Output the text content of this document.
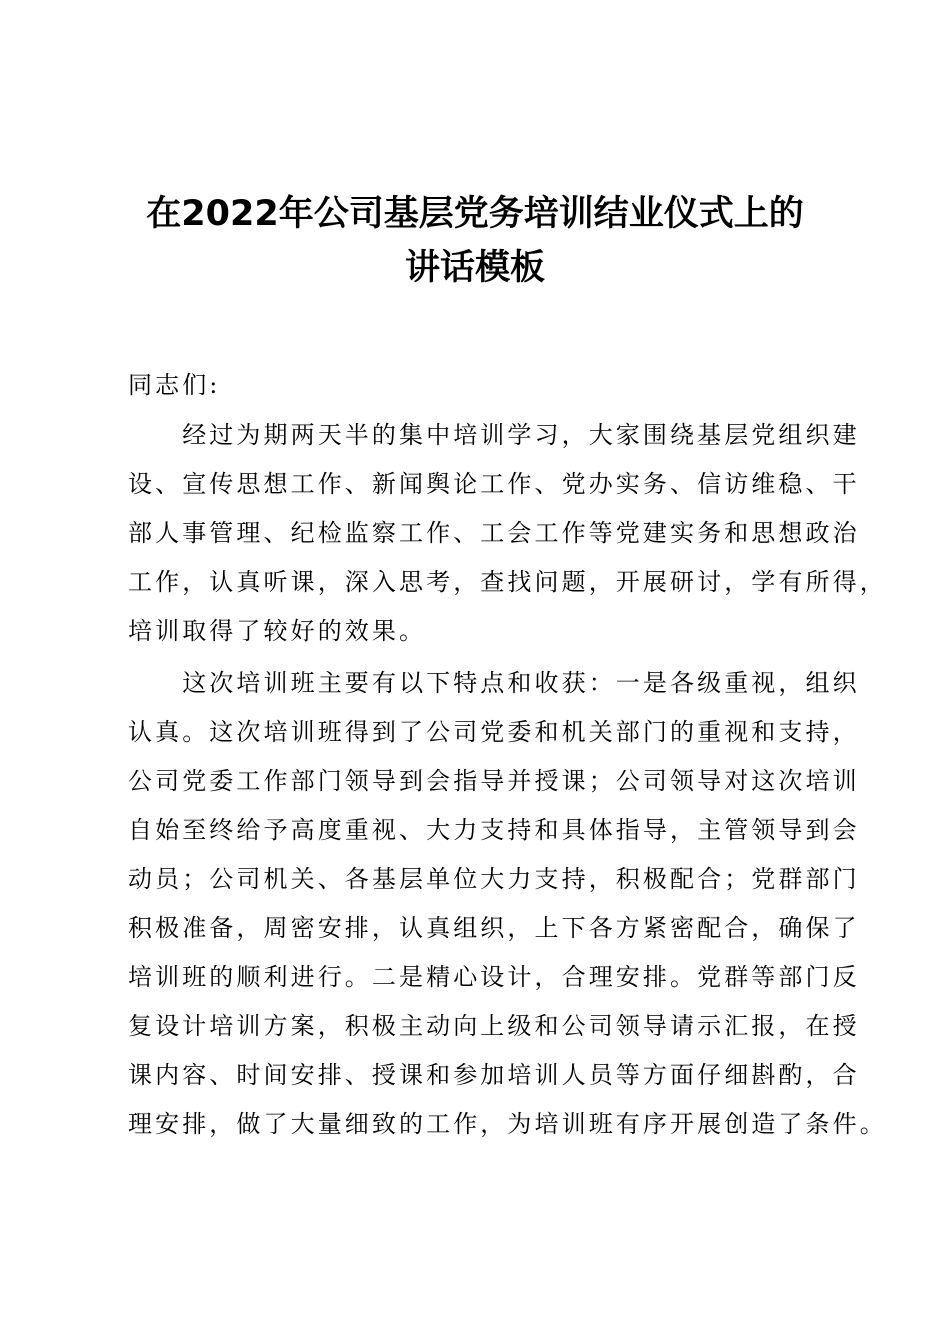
在2022年公司基层党务培训结业仪式上的
讲话模板

同志们:

　　经过为期两天半的集中培训学习，大家围绕基层党组织建

设、宣传思想工作、新闻舆论工作、党办实务、信访维稳、干

部人事管理、纪检监察工作、工会工作等党建实务和思想政治

工作，认真听课，深入思考，查找问题，开展研讨，学有所得，

培训取得了较好的效果。

　　这次培训班主要有以下特点和收获：一是各级重视，组织

认真。这次培训班得到了公司党委和机关部门的重视和支持，

公司党委工作部门领导到会指导并授课；公司领导对这次培训

自始至终给予高度重视、大力支持和具体指导，主管领导到会

动员；公司机关、各基层单位大力支持，积极配合；党群部门

积极准备，周密安排，认真组织，上下各方紧密配合，确保了

培训班的顺利进行。二是精心设计，合理安排。党群等部门反

复设计培训方案，积极主动向上级和公司领导请示汇报，在授

课内容、时间安排、授课和参加培训人员等方面仔细斟酌，合

理安排，做了大量细致的工作，为培训班有序开展创造了条件。
